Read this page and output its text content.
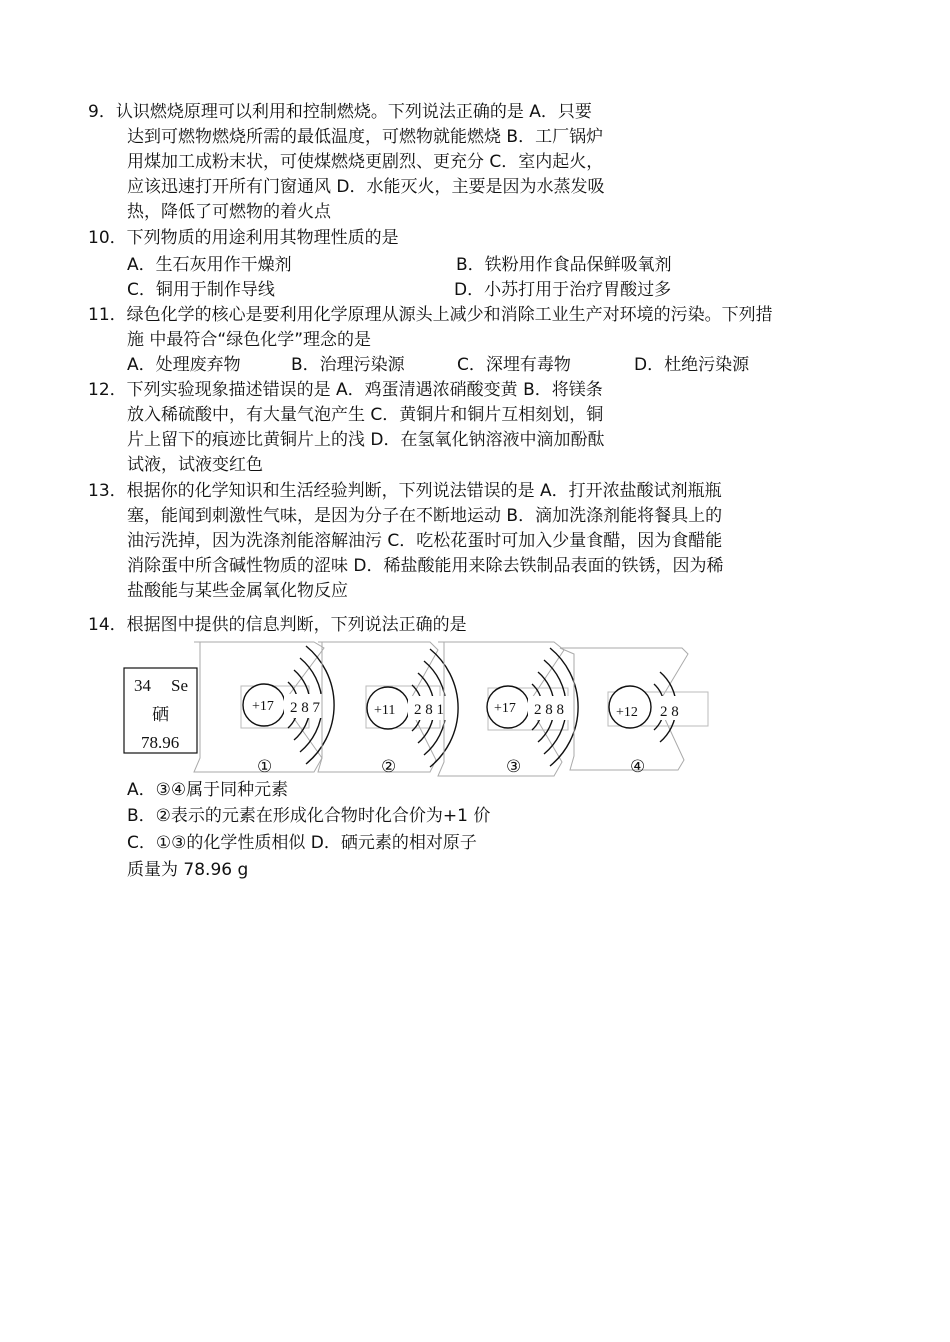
9．认识燃烧原理可以利用和控制燃烧。下列说法正确的是 A．只要
达到可燃物燃烧所需的最低温度，可燃物就能燃烧 B．工厂锅炉
用煤加工成粉末状，可使煤燃烧更剧烈、更充分 C．室内起火，
应该迅速打开所有门窗通风 D．水能灭火，主要是因为水蒸发吸
热，降低了可燃物的着火点
10．下列物质的用途利用其物理性质的是
A．生石灰用作干燥剂	B．铁粉用作食品保鲜吸氧剂
C．铜用于制作导线	D．小苏打用于治疗胃酸过多
11．绿色化学的核心是要利用化学原理从源头上减少和消除工业生产对环境的污染。下列措
施 中最符合“绿色化学”理念的是
A．处理废弃物	B．治理污染源	C．深埋有毒物	D．杜绝污染源
12．下列实验现象描述错误的是 A．鸡蛋清遇浓硝酸变黄 B．将镁条
放入稀硫酸中，有大量气泡产生 C．黄铜片和铜片互相刻划，铜
片上留下的痕迹比黄铜片上的浅 D．在氢氧化钠溶液中滴加酚酞
试液，试液变红色
13．根据你的化学知识和生活经验判断，下列说法错误的是 A．打开浓盐酸试剂瓶瓶
塞，能闻到刺激性气味，是因为分子在不断地运动 B．滴加洗涤剂能将餐具上的
油污洗掉，因为洗涤剂能溶解油污 C．吃松花蛋时可加入少量食醋，因为食醋能
消除蛋中所含碱性物质的涩味 D．稀盐酸能用来除去铁制品表面的铁锈，因为稀
盐酸能与某些金属氧化物反应
14．根据图中提供的信息判断，下列说法正确的是
34 Se
硒
78.96
+17 2 8 7
①
+11 2 8 1
②
+17 2 8 8
③
+12 2 8
④
A．③④属于同种元素
B．②表示的元素在形成化合物时化合价为+1 价
C．①③的化学性质相似 D．硒元素的相对原子
质量为 78.96 g
